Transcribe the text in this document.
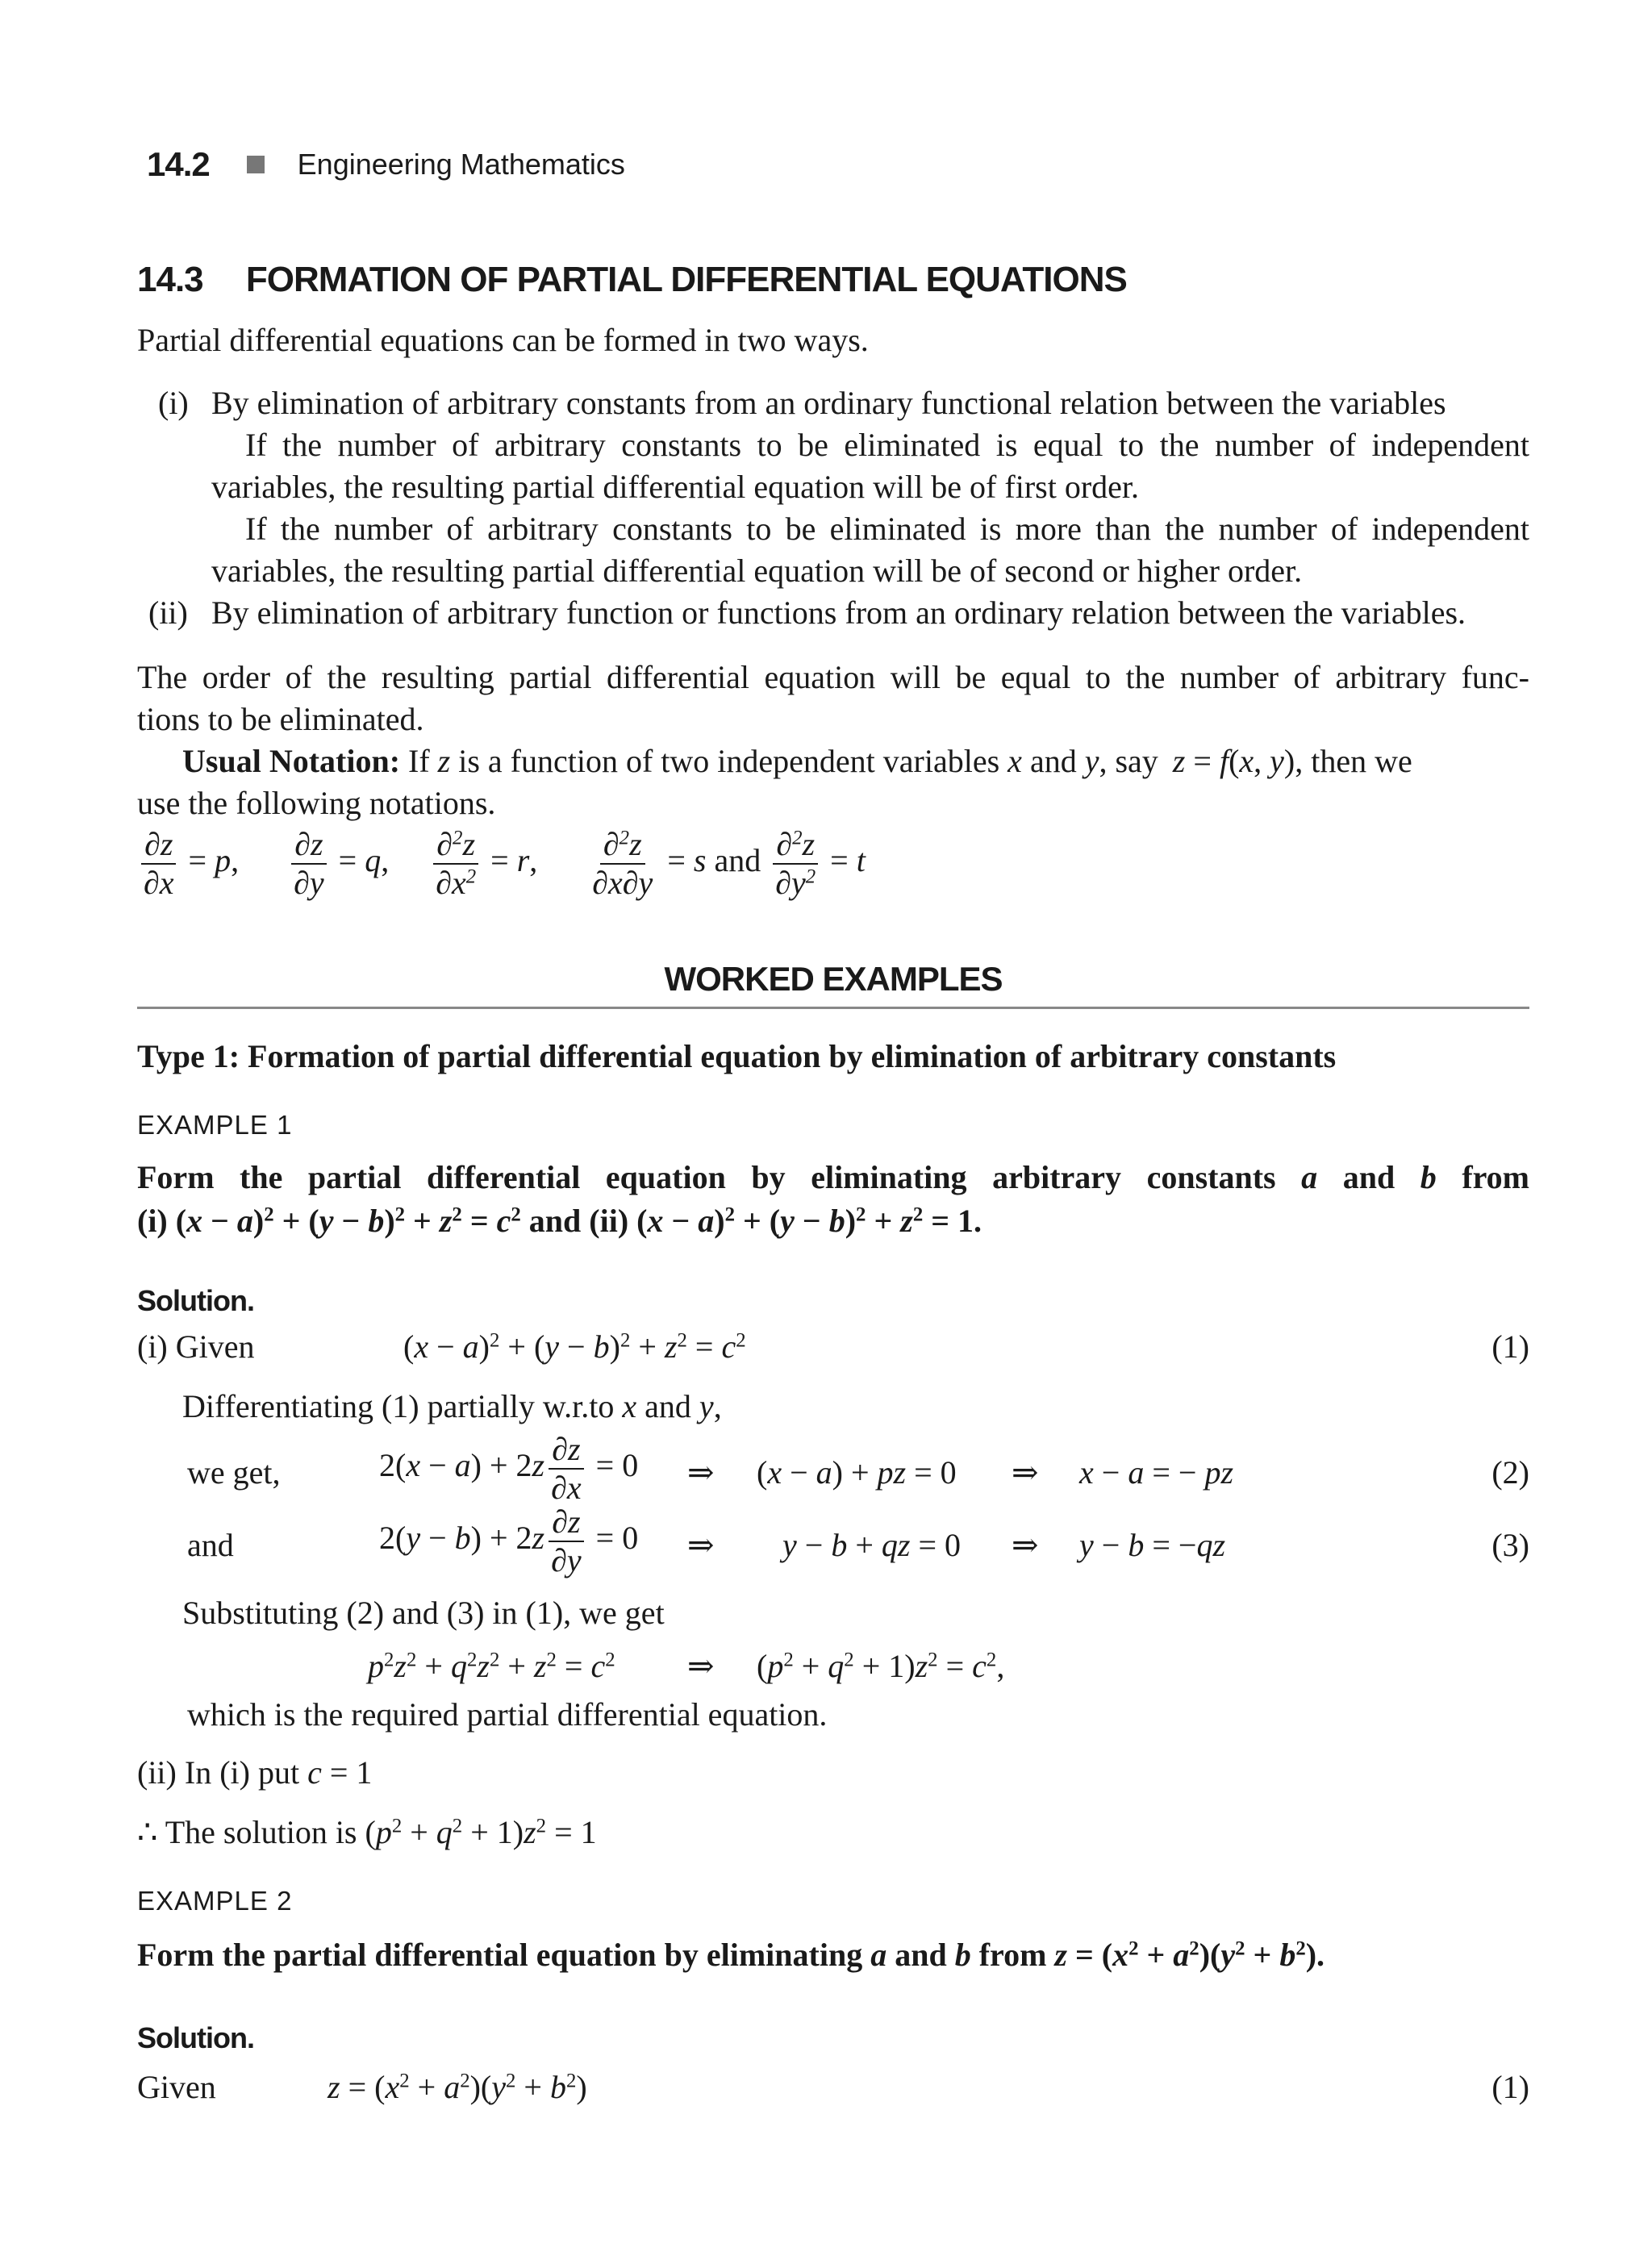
14.2	Engineering Mathematics
14.3 FORMATION OF PARTIAL DIFFERENTIAL EQUATIONS
Partial differential equations can be formed in two ways.
(i) By elimination of arbitrary constants from an ordinary functional relation between the variables
If the number of arbitrary constants to be eliminated is equal to the number of independent
variables, the resulting partial differential equation will be of first order.
If the number of arbitrary constants to be eliminated is more than the number of independent
variables, the resulting partial differential equation will be of second or higher order.
(ii) By elimination of arbitrary function or functions from an ordinary relation between the variables.
The order of the resulting partial differential equation will be equal to the number of arbitrary func-
tions to be eliminated.
Usual Notation: If z is a function of two independent variables x and y, say z = f(x, y), then we
use the following notations.
$\frac{\partial z}{\partial x} = p$, $\frac{\partial z}{\partial y} = q$, $\frac{\partial^2z}{\partial x^2} = r$, $\frac{\partial^2z}{\partial x\partial y} = s$ and $\frac{\partial^2z}{\partial y^2} = t$
WORKED EXAMPLES
Type 1: Formation of partial differential equation by elimination of arbitrary constants
EXAMPLE 1
Form the partial differential equation by eliminating arbitrary constants a and b from
(i) $(x - a)^2 + (y - b)^2 + z^2 = c^2$ and (ii) $(x - a)^2 + (y - b)^2 + z^2 = 1$.
Solution.
(i) Given	$(x - a)^2 + (y - b)^2 + z^2 = c^2$	(1)
Differentiating (1) partially w.r.to x and y,
we get,	$2(x - a) + 2z \frac{\partial z}{\partial x} = 0$ ⇒ (x − a) + pz = 0 ⇒ x − a = − pz	(2)
and	$2(y - b) + 2z \frac{\partial z}{\partial y} = 0$ ⇒ y − b + qz = 0 ⇒ y − b = −qz	(3)
Substituting (2) and (3) in (1), we get
$p^2z^2 + q^2z^2 + z^2 = c^2$ ⇒ $(p^2 + q^2 + 1)z^2 = c^2$,
which is the required partial differential equation.
(ii) In (i) put c = 1
∴ The solution is $(p^2 + q^2 + 1)z^2 = 1$
EXAMPLE 2
Form the partial differential equation by eliminating a and b from $z = (x^2 + a^2)(y^2 + b^2)$.
Solution.
Given	$z = (x^2 + a^2)(y^2 + b^2)$	(1)
